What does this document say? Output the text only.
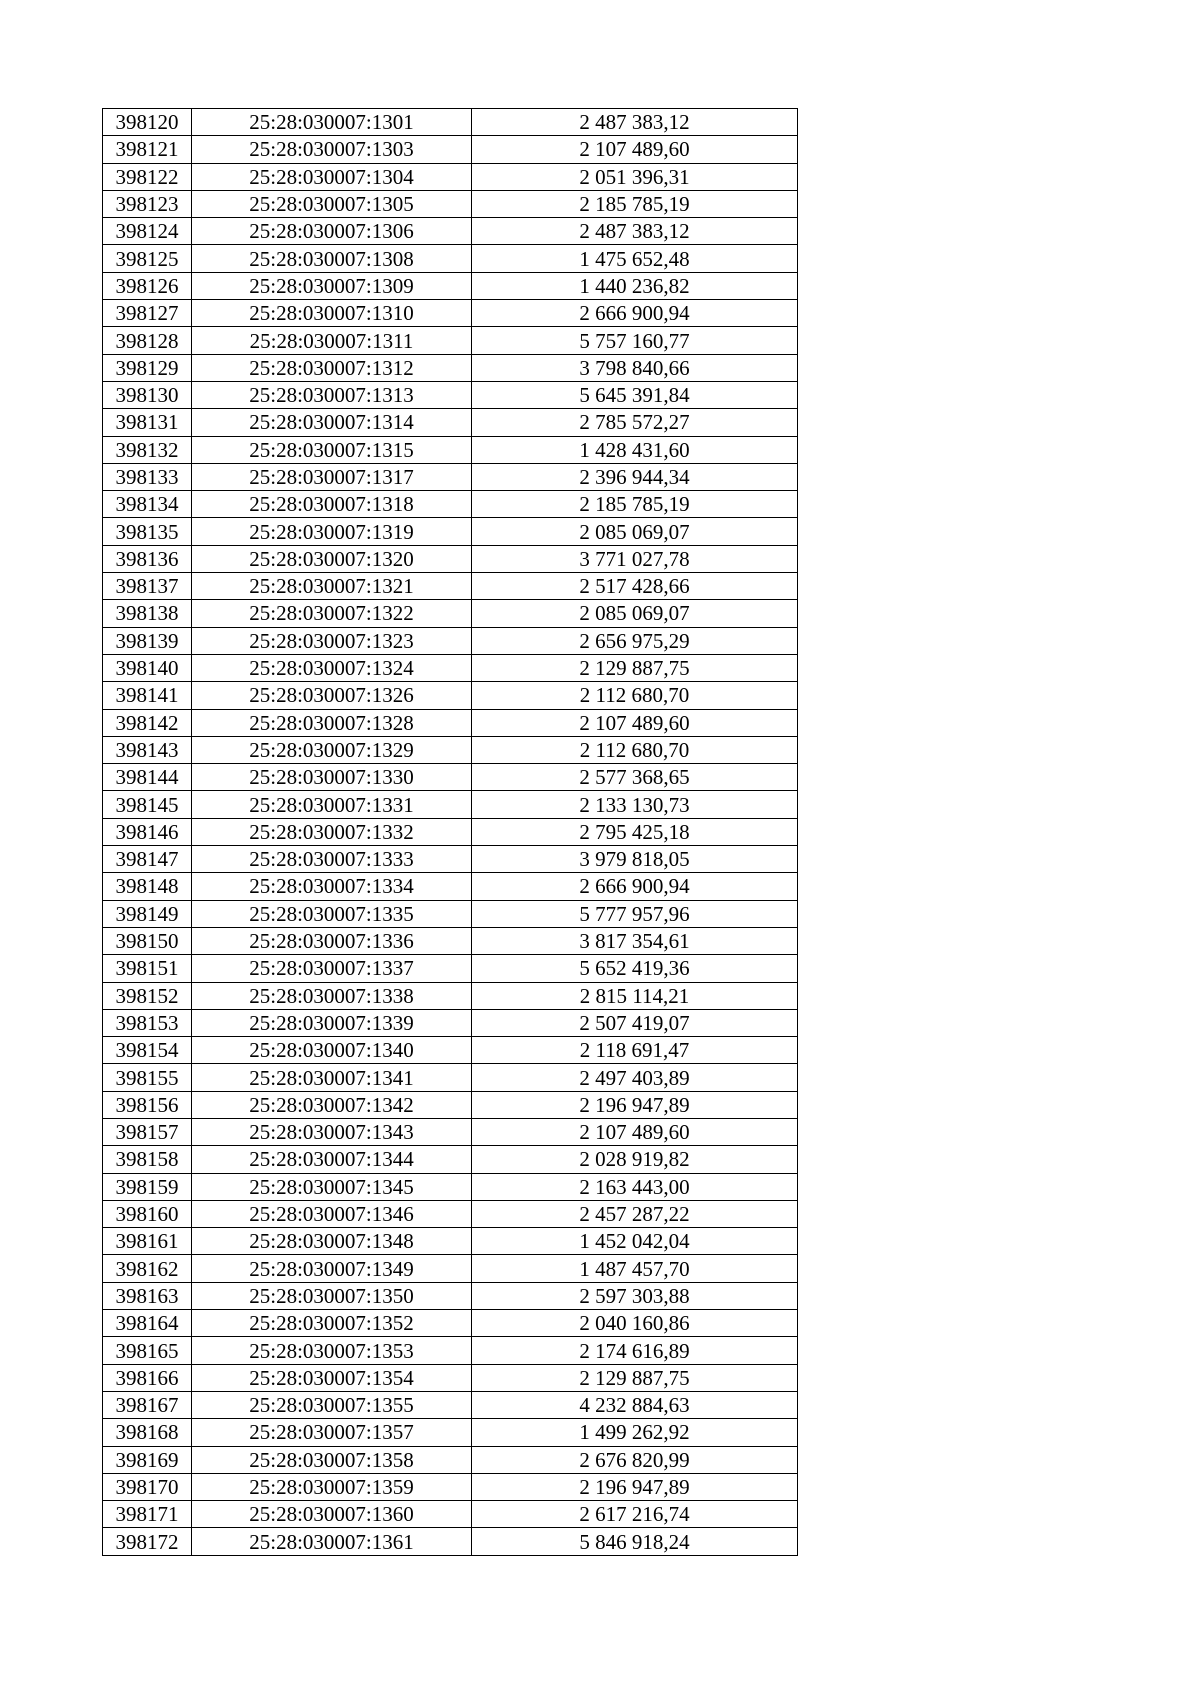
398120	25:28:030007:1301	2 487 383,12
398121	25:28:030007:1303	2 107 489,60
398122	25:28:030007:1304	2 051 396,31
398123	25:28:030007:1305	2 185 785,19
398124	25:28:030007:1306	2 487 383,12
398125	25:28:030007:1308	1 475 652,48
398126	25:28:030007:1309	1 440 236,82
398127	25:28:030007:1310	2 666 900,94
398128	25:28:030007:1311	5 757 160,77
398129	25:28:030007:1312	3 798 840,66
398130	25:28:030007:1313	5 645 391,84
398131	25:28:030007:1314	2 785 572,27
398132	25:28:030007:1315	1 428 431,60
398133	25:28:030007:1317	2 396 944,34
398134	25:28:030007:1318	2 185 785,19
398135	25:28:030007:1319	2 085 069,07
398136	25:28:030007:1320	3 771 027,78
398137	25:28:030007:1321	2 517 428,66
398138	25:28:030007:1322	2 085 069,07
398139	25:28:030007:1323	2 656 975,29
398140	25:28:030007:1324	2 129 887,75
398141	25:28:030007:1326	2 112 680,70
398142	25:28:030007:1328	2 107 489,60
398143	25:28:030007:1329	2 112 680,70
398144	25:28:030007:1330	2 577 368,65
398145	25:28:030007:1331	2 133 130,73
398146	25:28:030007:1332	2 795 425,18
398147	25:28:030007:1333	3 979 818,05
398148	25:28:030007:1334	2 666 900,94
398149	25:28:030007:1335	5 777 957,96
398150	25:28:030007:1336	3 817 354,61
398151	25:28:030007:1337	5 652 419,36
398152	25:28:030007:1338	2 815 114,21
398153	25:28:030007:1339	2 507 419,07
398154	25:28:030007:1340	2 118 691,47
398155	25:28:030007:1341	2 497 403,89
398156	25:28:030007:1342	2 196 947,89
398157	25:28:030007:1343	2 107 489,60
398158	25:28:030007:1344	2 028 919,82
398159	25:28:030007:1345	2 163 443,00
398160	25:28:030007:1346	2 457 287,22
398161	25:28:030007:1348	1 452 042,04
398162	25:28:030007:1349	1 487 457,70
398163	25:28:030007:1350	2 597 303,88
398164	25:28:030007:1352	2 040 160,86
398165	25:28:030007:1353	2 174 616,89
398166	25:28:030007:1354	2 129 887,75
398167	25:28:030007:1355	4 232 884,63
398168	25:28:030007:1357	1 499 262,92
398169	25:28:030007:1358	2 676 820,99
398170	25:28:030007:1359	2 196 947,89
398171	25:28:030007:1360	2 617 216,74
398172	25:28:030007:1361	5 846 918,24
